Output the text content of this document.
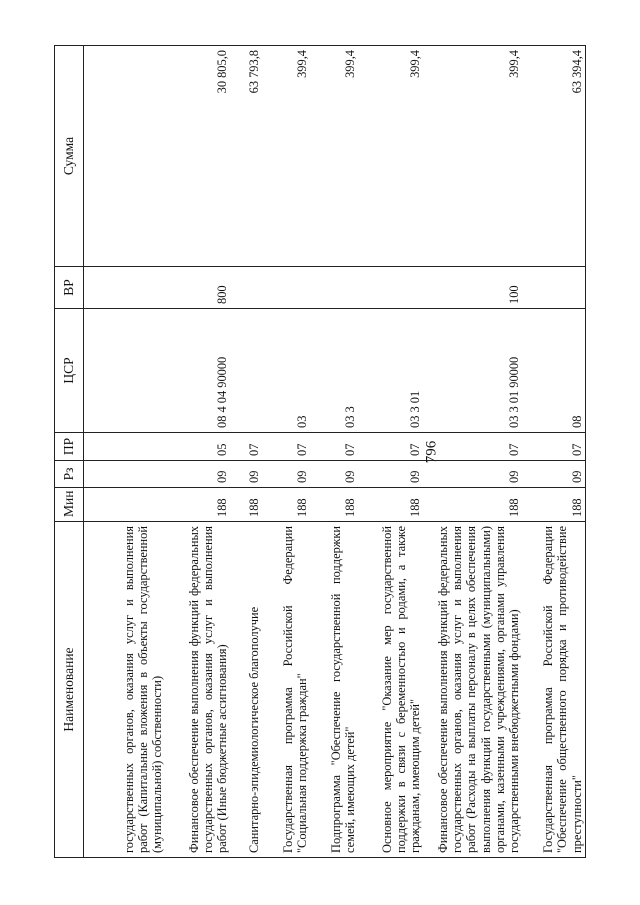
796
Наименование	Мин	Рз	ПР	ЦСР	ВР	Сумма
государственных органов, оказания услуг и выполнения работ (Капитальные вложения в объекты государственной (муниципальной) собственности)						
Финансовое обеспечение выполнения функций федеральных государственных органов, оказания услуг и выполнения работ (Иные бюджетные ассигнования)	188	09	05	08 4 04 90000	800	30 805,0
Санитарно-эпидемиологическое благополучие	188	09	07			63 793,8
Государственная программа Российской Федерации "Социальная поддержка граждан"	188	09	07	03		399,4
Подпрограмма "Обеспечение государственной поддержки семей, имеющих детей"	188	09	07	03 3		399,4
Основное мероприятие "Оказание мер государственной поддержки в связи с беременностью и родами, а также гражданам, имеющим детей"	188	09	07	03 3 01		399,4
Финансовое обеспечение выполнения функций федеральных государственных органов, оказания услуг и выполнения работ (Расходы на выплаты персоналу в целях обеспечения выполнения функций государственными (муниципальными) органами, казенными учреждениями, органами управления государственными внебюджетными фондами)	188	09	07	03 3 01 90000	100	399,4
Государственная программа Российской Федерации "Обеспечение общественного порядка и противодействие преступности"	188	09	07	08		63 394,4
